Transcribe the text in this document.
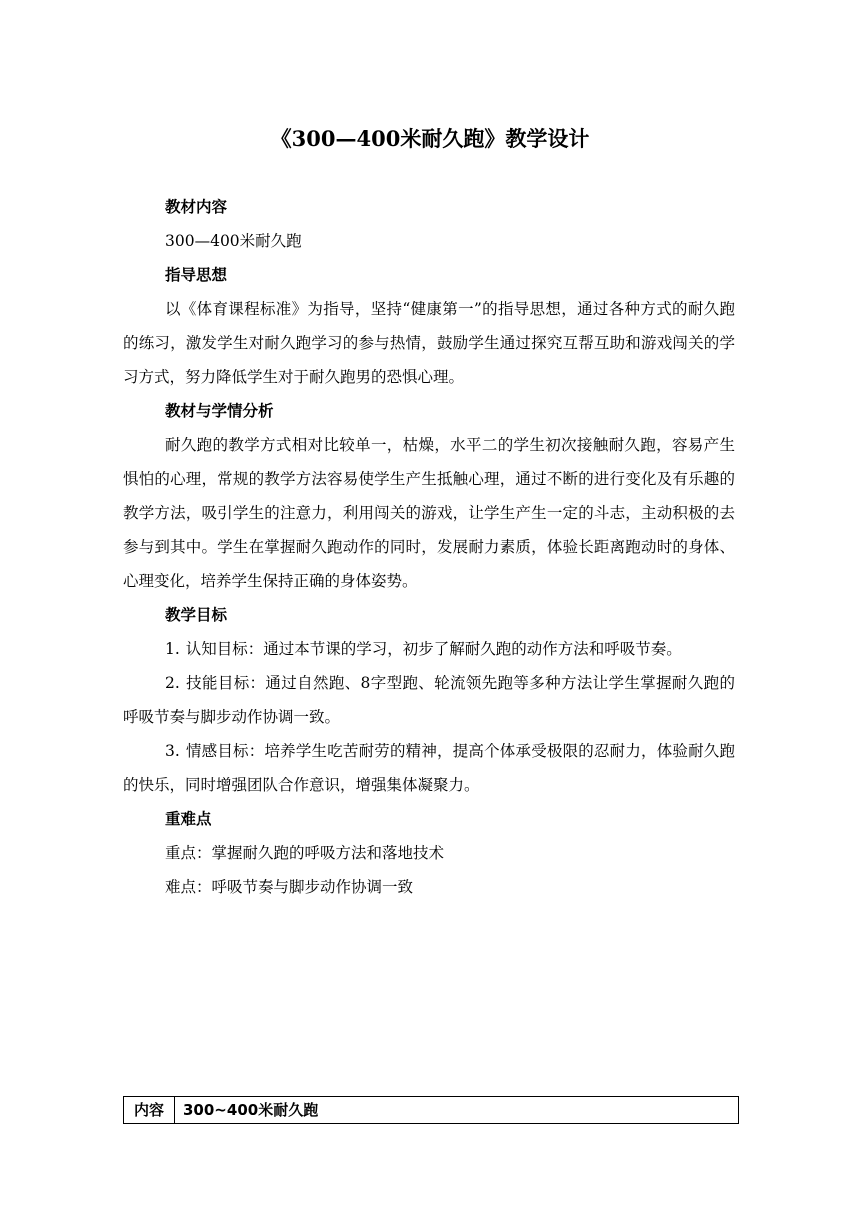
《300—400米耐久跑》教学设计

教材内容

300—400米耐久跑

指导思想

以《体育课程标准》为指导，坚持“健康第一”的指导思想，通过各种方式的耐久跑的练习，激发学生对耐久跑学习的参与热情，鼓励学生通过探究互帮互助和游戏闯关的学习方式，努力降低学生对于耐久跑男的恐惧心理。

教材与学情分析

耐久跑的教学方式相对比较单一，枯燥，水平二的学生初次接触耐久跑，容易产生惧怕的心理，常规的教学方法容易使学生产生抵触心理，通过不断的进行变化及有乐趣的教学方法，吸引学生的注意力，利用闯关的游戏，让学生产生一定的斗志，主动积极的去参与到其中。学生在掌握耐久跑动作的同时，发展耐力素质，体验长距离跑动时的身体、心理变化，培养学生保持正确的身体姿势。

教学目标

1. 认知目标：通过本节课的学习，初步了解耐久跑的动作方法和呼吸节奏。

2. 技能目标：通过自然跑、8字型跑、轮流领先跑等多种方法让学生掌握耐久跑的呼吸节奏与脚步动作协调一致。

3. 情感目标：培养学生吃苦耐劳的精神，提高个体承受极限的忍耐力，体验耐久跑的快乐，同时增强团队合作意识，增强集体凝聚力。

重难点

重点：掌握耐久跑的呼吸方法和落地技术

难点：呼吸节奏与脚步动作协调一致

内容	300~400米耐久跑
